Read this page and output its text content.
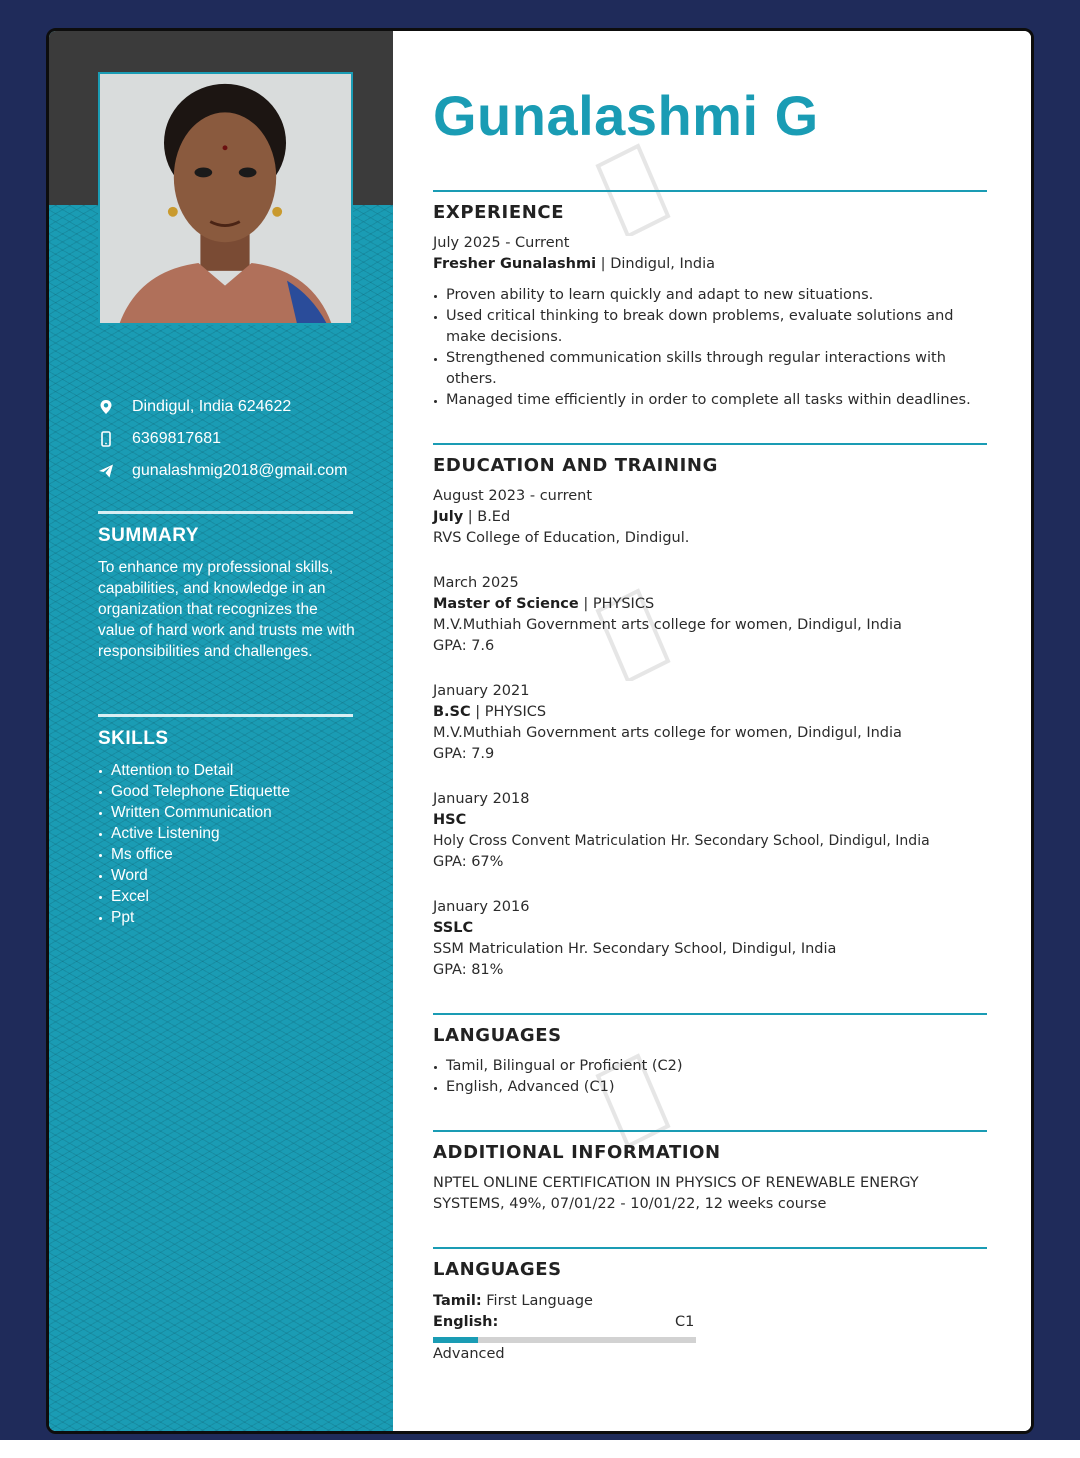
Dindigul, India 624622
6369817681
gunalashmig2018@gmail.com
SUMMARY
To enhance my professional skills, capabilities, and knowledge in an organization that recognizes the value of hard work and trusts me with responsibilities and challenges.
SKILLS
Attention to Detail
Good Telephone Etiquette
Written Communication
Active Listening
Ms office
Word
Excel
Ppt
Gunalashmi G
EXPERIENCE
July 2025 - Current
Fresher Gunalashmi | Dindigul, India
Proven ability to learn quickly and adapt to new situations.
Used critical thinking to break down problems, evaluate solutions and make decisions.
Strengthened communication skills through regular interactions with others.
Managed time efficiently in order to complete all tasks within deadlines.
EDUCATION AND TRAINING
August 2023 - current
July | B.Ed
RVS College of Education, Dindigul.
March 2025
Master of Science | PHYSICS
M.V.Muthiah Government arts college for women, Dindigul, India
GPA: 7.6
January 2021
B.SC | PHYSICS
M.V.Muthiah Government arts college for women, Dindigul, India
GPA: 7.9
January 2018
HSC
Holy Cross Convent Matriculation Hr. Secondary School, Dindigul, India
GPA: 67%
January 2016
SSLC
SSM Matriculation Hr. Secondary School, Dindigul, India
GPA: 81%
LANGUAGES
Tamil, Bilingual or Proficient (C2)
English, Advanced (C1)
ADDITIONAL INFORMATION
NPTEL ONLINE CERTIFICATION IN PHYSICS OF RENEWABLE ENERGY
SYSTEMS, 49%, 07/01/22 - 10/01/22, 12 weeks course
LANGUAGES
Tamil: First Language
English:	C1
Advanced
